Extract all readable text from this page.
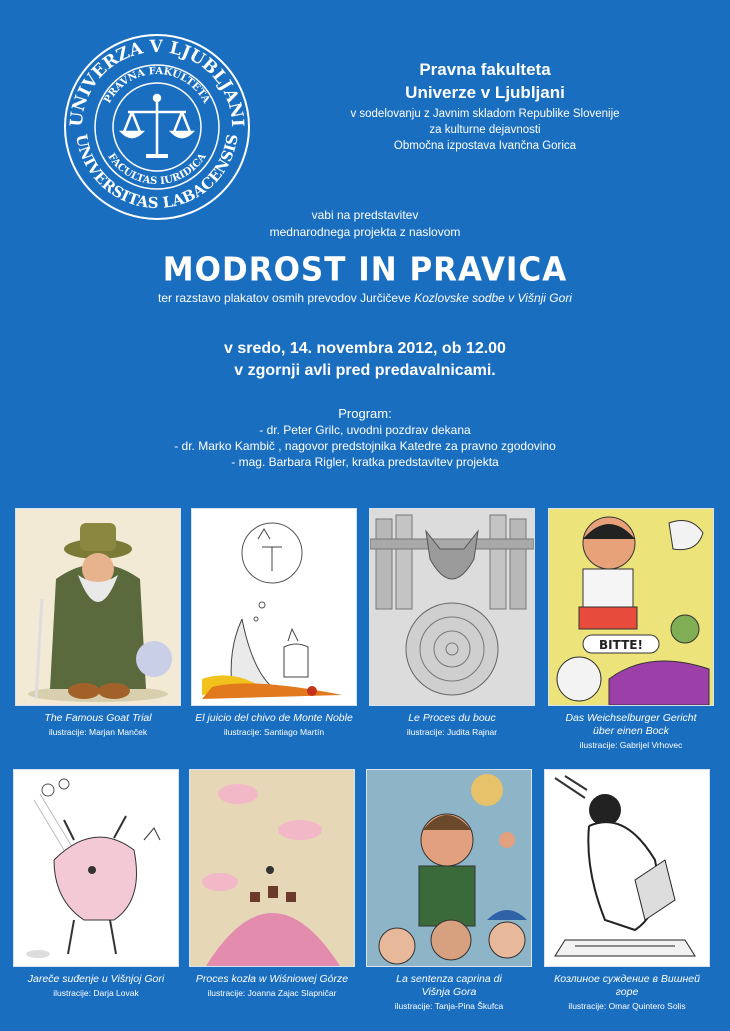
UNIVERZA V LJUBLJANI
UNIVERSITAS LABACENSIS
PRAVNA FAKULTETA
FACULTAS IURIDICA
Pravna fakulteta
Univerze v Ljubljani
v sodelovanju z Javnim skladom Republike Slovenije
za kulturne dejavnosti
Območna izpostava Ivančna Gorica
vabi na predstavitev
mednarodnega projekta z naslovom
MODROST IN PRAVICA
ter razstavo plakatov osmih prevodov Jurčičeve Kozlovske sodbe v Višnji Gori
v sredo, 14. novembra 2012, ob 12.00
v zgornji avli pred predavalnicami.
Program:
- dr. Peter Grilc, uvodni pozdrav dekana
- dr. Marko Kambič , nagovor predstojnika Katedre za pravno zgodovino
- mag. Barbara Rigler, kratka predstavitev projekta
The Famous Goat Trial
ilustracije: Marjan Manček
El juicio del chivo de Monte Noble
ilustracije: Santiago Martín
Le Proces du bouc
ilustracije: Judita Rajnar
BITTE!
Das Weichselburger Gericht
über einen Bock
ilustracije: Gabrijel Vrhovec
Jareče suđenje u Višnjoj Gori
ilustracije: Darja Lovak
Proces kozła w Wiśniowej Górze
ilustracije: Joanna Zajac Slapničar
La sentenza caprina di
Višnja Gora
ilustracije: Tanja-Pina Škufca
Козлиное суждение в Вишней горе
ilustracije: Omar Quintero Solis
